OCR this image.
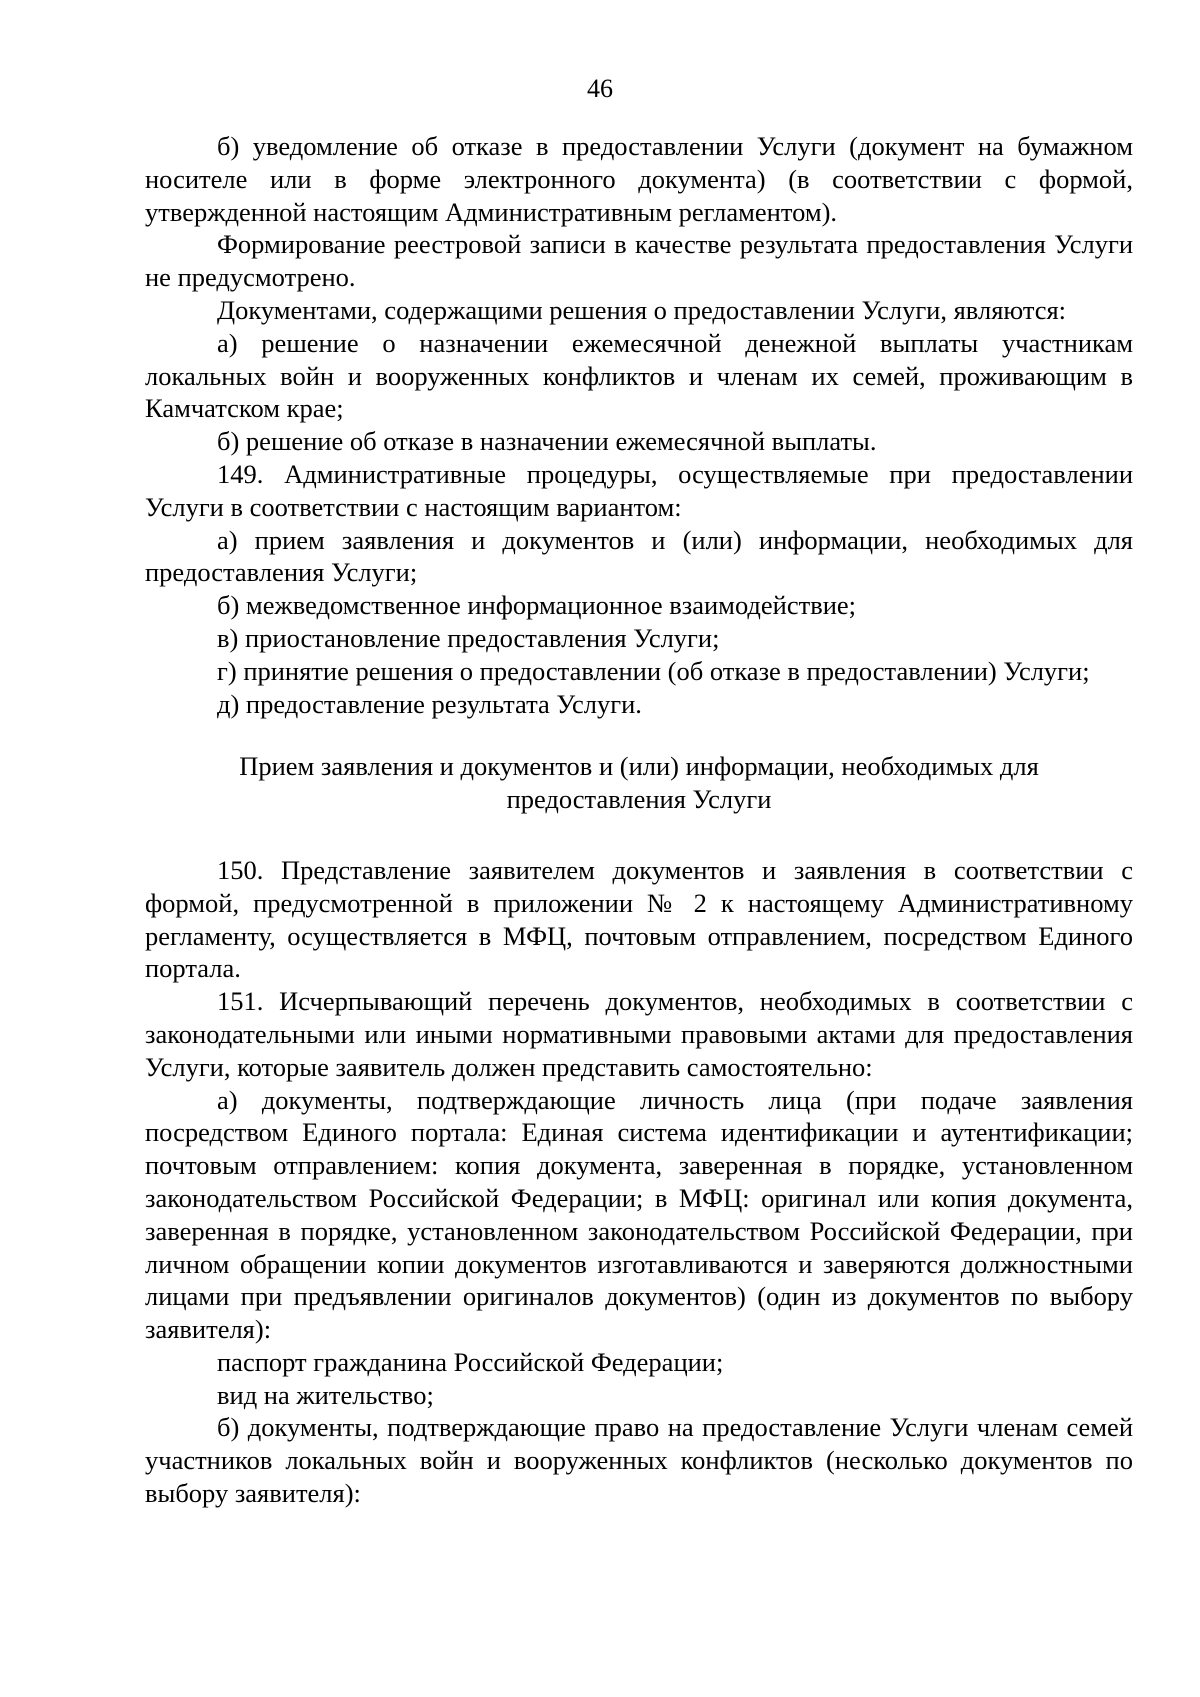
46

б) уведомление об отказе в предоставлении Услуги (документ на бумажном носителе или в форме электронного документа) (в соответствии с формой, утвержденной настоящим Административным регламентом).

Формирование реестровой записи в качестве результата предоставления Услуги не предусмотрено.

Документами, содержащими решения о предоставлении Услуги, являются:

а) решение о назначении ежемесячной денежной выплаты участникам локальных войн и вооруженных конфликтов и членам их семей, проживающим в Камчатском крае;

б) решение об отказе в назначении ежемесячной выплаты.

149. Административные процедуры, осуществляемые при предоставлении Услуги в соответствии с настоящим вариантом:

а) прием заявления и документов и (или) информации, необходимых для предоставления Услуги;

б) межведомственное информационное взаимодействие;

в) приостановление предоставления Услуги;

г) принятие решения о предоставлении (об отказе в предоставлении) Услуги;

д) предоставление результата Услуги.

Прием заявления и документов и (или) информации, необходимых для предоставления Услуги

150. Представление заявителем документов и заявления в соответствии с формой, предусмотренной в приложении № 2 к настоящему Административному регламенту, осуществляется в МФЦ, почтовым отправлением, посредством Единого портала.

151. Исчерпывающий перечень документов, необходимых в соответствии с законодательными или иными нормативными правовыми актами для предоставления Услуги, которые заявитель должен представить самостоятельно:

а) документы, подтверждающие личность лица (при подаче заявления посредством Единого портала: Единая система идентификации и аутентификации; почтовым отправлением: копия документа, заверенная в порядке, установленном законодательством Российской Федерации; в МФЦ: оригинал или копия документа, заверенная в порядке, установленном законодательством Российской Федерации, при личном обращении копии документов изготавливаются и заверяются должностными лицами при предъявлении оригиналов документов) (один из документов по выбору заявителя):

паспорт гражданина Российской Федерации;

вид на жительство;

б) документы, подтверждающие право на предоставление Услуги членам семей участников локальных войн и вооруженных конфликтов (несколько документов по выбору заявителя):
